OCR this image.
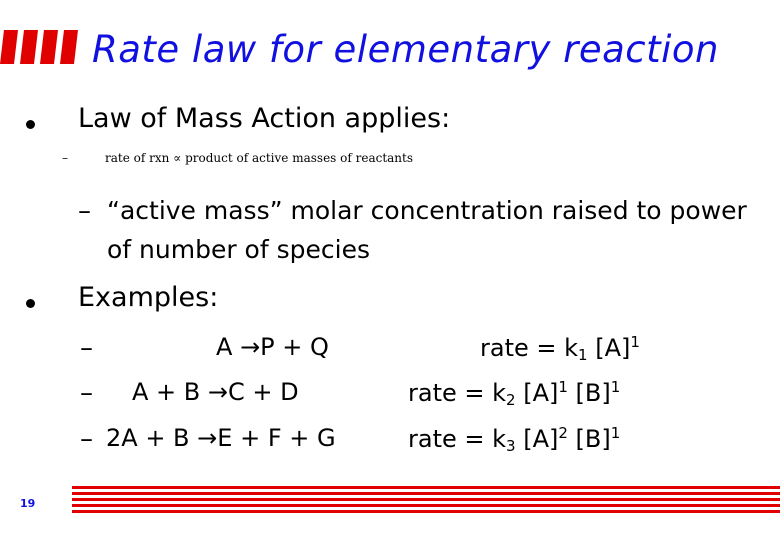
Rate law for elementary reaction
Law of Mass Action applies:
–	rate of rxn ∝ product of active masses of reactants
– “active mass” molar concentration raised to power
of number of species
Examples:
–	A →P + Q	rate = $k_1$ $[A]^1$
– A + B →C + D	rate = $k_2$ $[A]^1$ $[B]^1$
– 2A + B →E + F + G	rate = $k_3$ $[A]^2$ $[B]^1$
19
